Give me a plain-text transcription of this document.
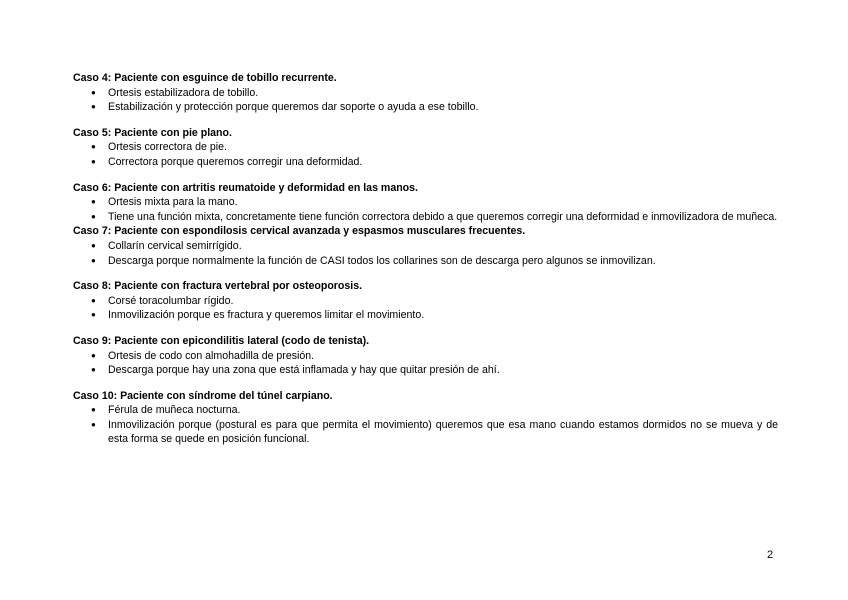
Caso 4: Paciente con esguince de tobillo recurrente.

●	Ortesis estabilizadora de tobillo.
●	Estabilización y protección porque queremos dar soporte o ayuda a ese tobillo.

Caso 5: Paciente con pie plano.

●	Ortesis correctora de pie.
●	Correctora porque queremos corregir una deformidad.

Caso 6: Paciente con artritis reumatoide y deformidad en las manos.

●	Ortesis mixta para la mano.
●	Tiene una función mixta, concretamente tiene función correctora debido a que queremos corregir una deformidad e inmovilizadora de muñeca.

Caso 7: Paciente con espondilosis cervical avanzada y espasmos musculares frecuentes.

●	Collarín cervical semirrígido.
●	Descarga porque normalmente la función de CASI todos los collarines son de descarga pero algunos se inmovilizan.

Caso 8: Paciente con fractura vertebral por osteoporosis.

●	Corsé toracolumbar rígido.
●	Inmovilización porque es fractura y queremos limitar el movimiento.

Caso 9: Paciente con epicondilitis lateral (codo de tenista).

●	Ortesis de codo con almohadilla de presión.
●	Descarga porque hay una zona que está inflamada y hay que quitar presión de ahí.

Caso 10: Paciente con síndrome del túnel carpiano.

●	Férula de muñeca nocturna.
●	Inmovilización porque (postural es para que permita el movimiento) queremos que esa mano cuando estamos dormidos no se mueva y de esta forma se quede en posición funcional.
2
